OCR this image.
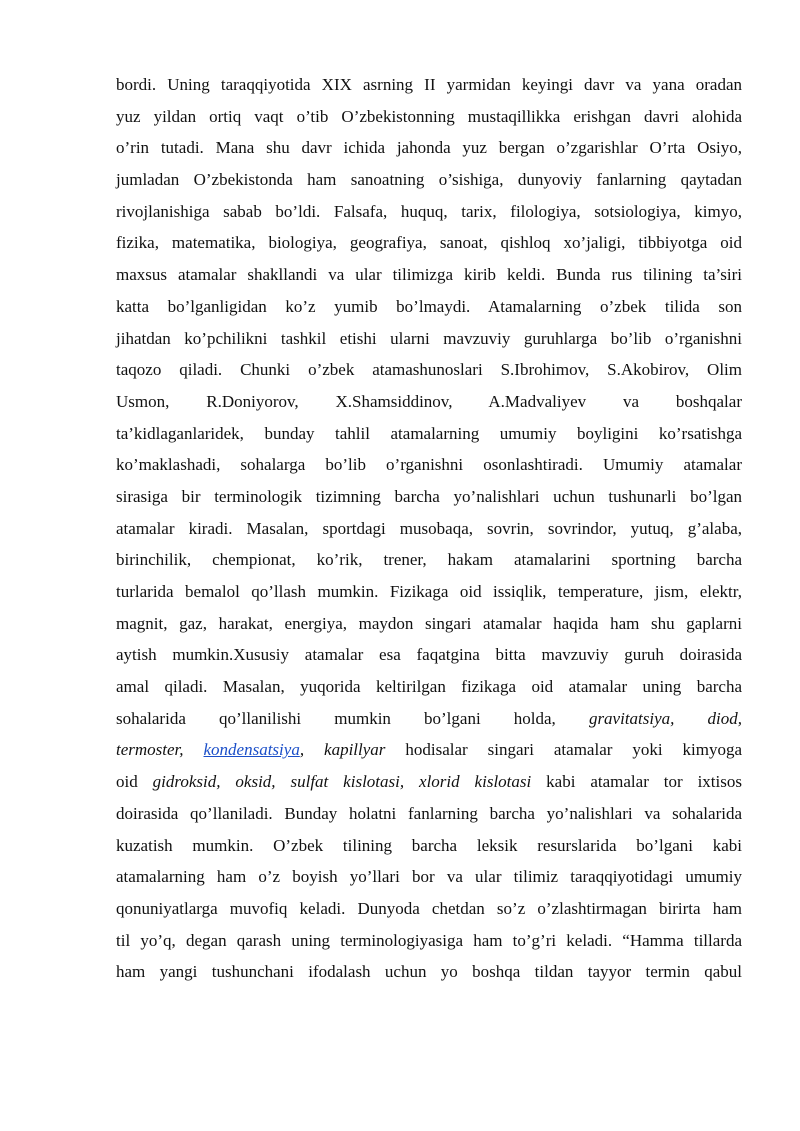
bordi. Uning taraqqiyotida XIX asrning II yarmidan keyingi davr va yana oradan
yuz yildan ortiq vaqt o’tib O’zbekistonning mustaqillikka erishgan davri alohida
o’rin tutadi. Mana shu davr ichida jahonda yuz bergan o’zgarishlar O’rta Osiyo,
jumladan O’zbekistonda ham sanoatning o’sishiga, dunyoviy fanlarning qaytadan
rivojlanishiga sabab bo’ldi. Falsafa, huquq, tarix, filologiya, sotsiologiya, kimyo,
fizika, matematika, biologiya, geografiya, sanoat, qishloq xo’jaligi, tibbiyotga oid
maxsus atamalar shakllandi va ular tilimizga kirib keldi. Bunda rus tilining ta’siri
katta bo’lganligidan ko’z yumib bo’lmaydi. Atamalarning o’zbek tilida son
jihatdan ko’pchilikni tashkil etishi ularni mavzuviy guruhlarga bo’lib o’rganishni
taqozo qiladi. Chunki o’zbek atamashunoslari S.Ibrohimov, S.Akobirov, Olim
Usmon, R.Doniyorov, X.Shamsiddinov, A.Madvaliyev va boshqalar
ta’kidlaganlaridek, bunday tahlil atamalarning umumiy boyligini ko’rsatishga
ko’maklashadi, sohalarga bo’lib o’rganishni osonlashtiradi. Umumiy atamalar
sirasiga bir terminologik tizimning barcha yo’nalishlari uchun tushunarli bo’lgan
atamalar kiradi. Masalan, sportdagi musobaqa, sovrin, sovrindor, yutuq, g’alaba,
birinchilik, chempionat, ko’rik, trener, hakam atamalarini sportning barcha
turlarida bemalol qo’llash mumkin. Fizikaga oid issiqlik, temperature, jism, elektr,
magnit, gaz, harakat, energiya, maydon singari atamalar haqida ham shu gaplarni
aytish mumkin.Xususiy atamalar esa faqatgina bitta mavzuviy guruh doirasida
amal qiladi. Masalan, yuqorida keltirilgan fizikaga oid atamalar uning barcha
sohalarida qo’llanilishi mumkin bo’lgani holda, gravitatsiya, diod,
termoster, kondensatsiya, kapillyar hodisalar singari atamalar yoki kimyoga
oid gidroksid, oksid, sulfat kislotasi, xlorid kislotasi kabi atamalar tor ixtisos
doirasida qo’llaniladi. Bunday holatni fanlarning barcha yo’nalishlari va sohalarida
kuzatish mumkin. O’zbek tilining barcha leksik resurslarida bo’lgani kabi
atamalarning ham o’z boyish yo’llari bor va ular tilimiz taraqqiyotidagi umumiy
qonuniyatlarga muvofiq keladi. Dunyoda chetdan so’z o’zlashtirmagan birirta ham
til yo’q, degan qarash uning terminologiyasiga ham to’g’ri keladi. “Hamma tillarda
ham yangi tushunchani ifodalash uchun yo boshqa tildan tayyor termin qabul
